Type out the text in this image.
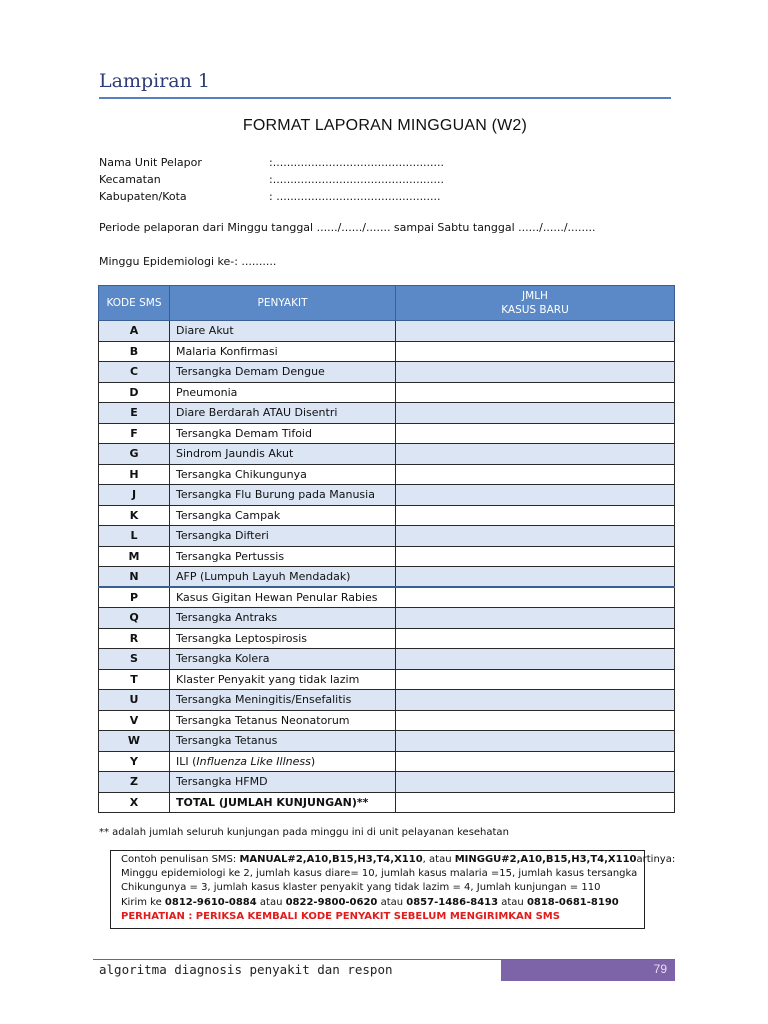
Lampiran 1
FORMAT LAPORAN MINGGUAN (W2)
Nama Unit Pelapor	:.................................................
Kecamatan	:.................................................
Kabupaten/Kota	: ...............................................
Periode pelaporan dari Minggu tanggal ....../....../....... sampai Sabtu tanggal ....../....../........
Minggu Epidemiologi ke-: ..........
KODE SMS	PENYAKIT	JMLH
KASUS BARU

A	Diare Akut	
B	Malaria Konfirmasi	
C	Tersangka Demam Dengue	
D	Pneumonia	
E	Diare Berdarah ATAU Disentri	
F	Tersangka Demam Tifoid	
G	Sindrom Jaundis Akut	
H	Tersangka Chikungunya	
J	Tersangka Flu Burung pada Manusia	
K	Tersangka Campak	
L	Tersangka Difteri	
M	Tersangka Pertussis	
N	AFP (Lumpuh Layuh Mendadak)	
P	Kasus Gigitan Hewan Penular Rabies	
Q	Tersangka Antraks	
R	Tersangka Leptospirosis	
S	Tersangka Kolera	
T	Klaster Penyakit yang tidak lazim	
U	Tersangka Meningitis/Ensefalitis	
V	Tersangka Tetanus Neonatorum	
W	Tersangka Tetanus	
Y	ILI (Influenza Like Illness)	
Z	Tersangka HFMD	
X	TOTAL (JUMLAH KUNJUNGAN)**	
** adalah jumlah seluruh kunjungan pada minggu ini di unit pelayanan kesehatan
Contoh penulisan SMS: MANUAL#2,A10,B15,H3,T4,X110, atau MINGGU#2,A10,B15,H3,T4,X110artinya:
Minggu epidemiologi ke 2, jumlah kasus diare= 10, jumlah kasus malaria =15, jumlah kasus tersangka
Chikungunya = 3, jumlah kasus klaster penyakit yang tidak lazim = 4, Jumlah kunjungan = 110
Kirim ke 0812-9610-0884 atau 0822-9800-0620 atau 0857-1486-8413 atau 0818-0681-8190
PERHATIAN : PERIKSA KEMBALI KODE PENYAKIT SEBELUM MENGIRIMKAN SMS
algoritma diagnosis penyakit dan respon	79
